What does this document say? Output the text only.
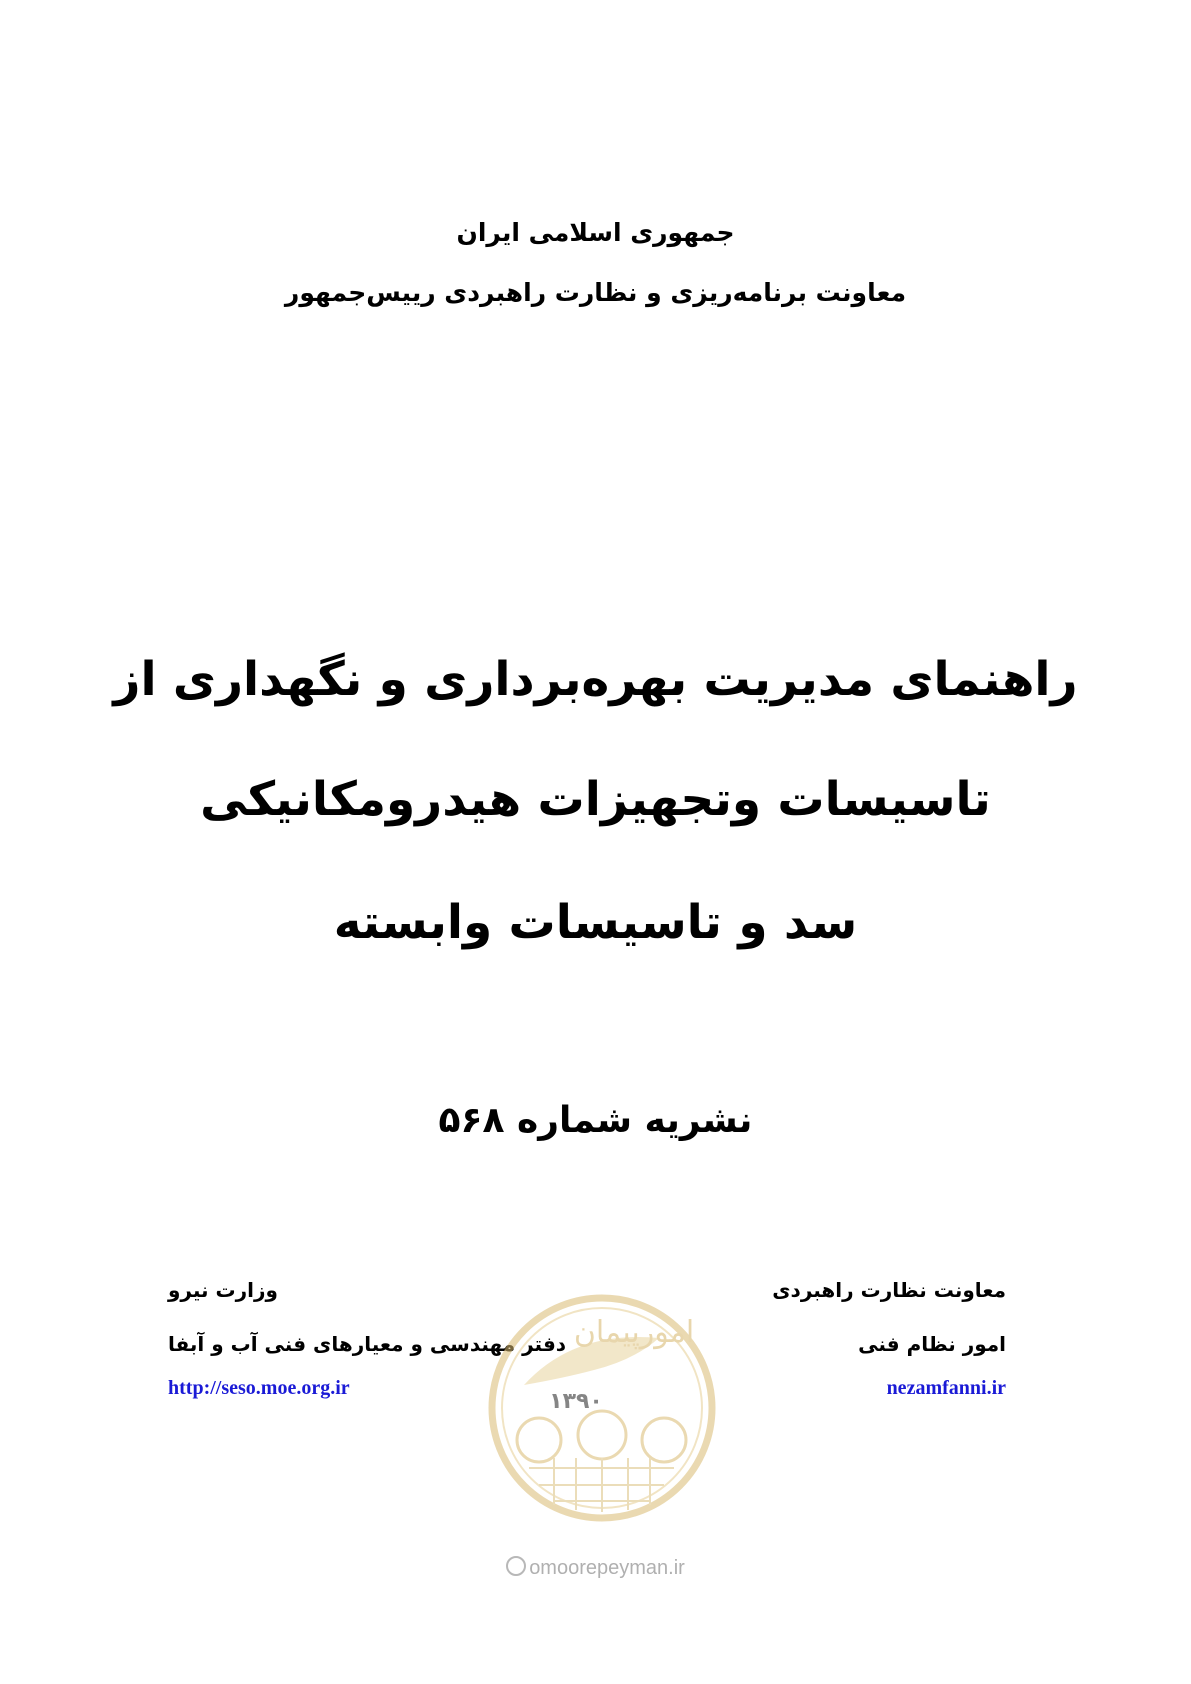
جمهوری اسلامی ایران
معاونت برنامه‌ریزی و نظارت راهبردی رییس‌جمهور
راهنمای مدیریت بهره‌برداری و نگهداری از
تاسیسات وتجهیزات هیدرومکانیکی
سد و تاسیسات وابسته
نشریه شماره ۵۶۸
معاونت نظارت راهبردی
امور نظام فنی
nezamfanni.ir
وزارت نیرو
دفتر مهندسی و معیارهای فنی آب و آبفا
http://seso.moe.org.ir
امورپیمان
۱۳۹۰
omoorepeyman.ir
